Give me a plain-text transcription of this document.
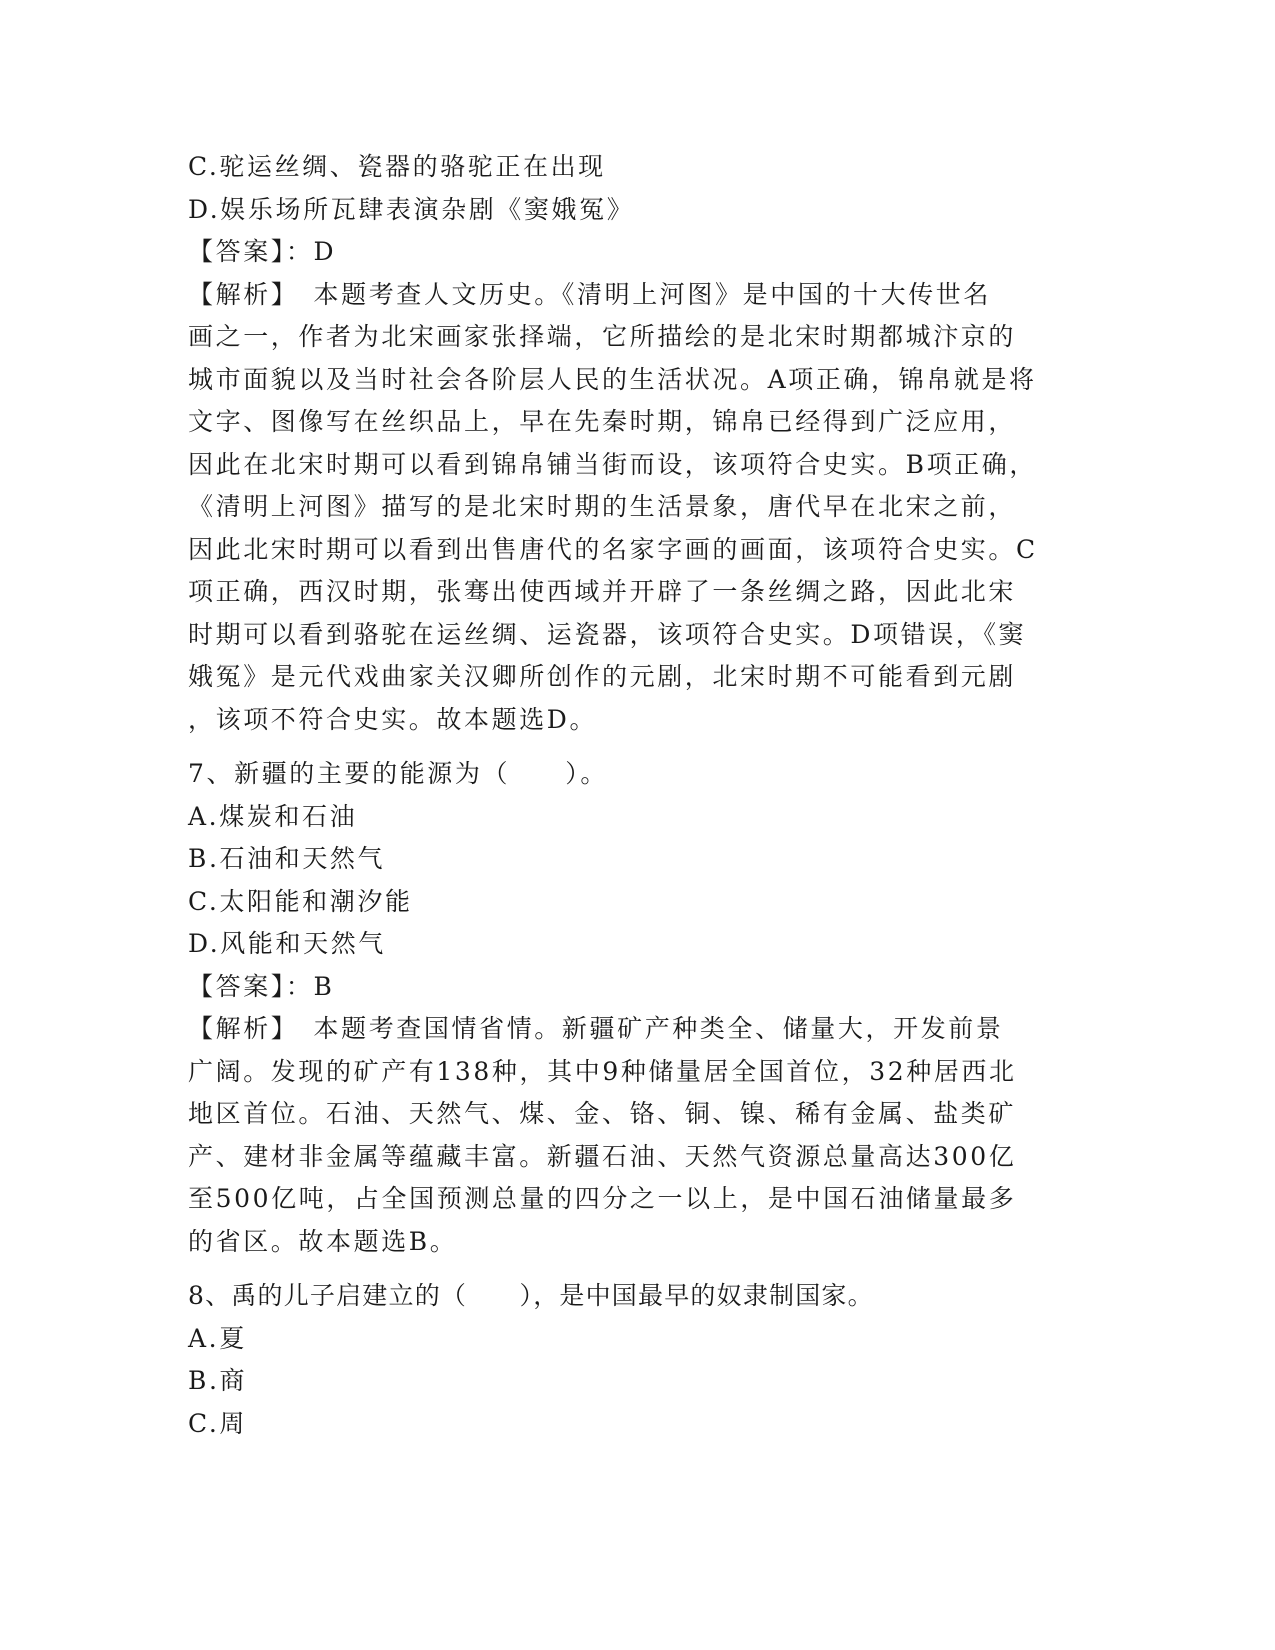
C.驼运丝绸、瓷器的骆驼正在出现
D.娱乐场所瓦肆表演杂剧《窦娥冤》
【答案】：D
【解析】　本题考查人文历史。《清明上河图》是中国的十大传世名
画之一，作者为北宋画家张择端，它所描绘的是北宋时期都城汴京的
城市面貌以及当时社会各阶层人民的生活状况。A项正确，锦帛就是将
文字、图像写在丝织品上，早在先秦时期，锦帛已经得到广泛应用，
因此在北宋时期可以看到锦帛铺当街而设，该项符合史实。B项正确，
《清明上河图》描写的是北宋时期的生活景象，唐代早在北宋之前，
因此北宋时期可以看到出售唐代的名家字画的画面，该项符合史实。C
项正确，西汉时期，张骞出使西域并开辟了一条丝绸之路，因此北宋
时期可以看到骆驼在运丝绸、运瓷器，该项符合史实。D项错误，《窦
娥冤》是元代戏曲家关汉卿所创作的元剧，北宋时期不可能看到元剧
，该项不符合史实。故本题选D。
7、新疆的主要的能源为（　　）。
A.煤炭和石油
B.石油和天然气
C.太阳能和潮汐能
D.风能和天然气
【答案】：B
【解析】　本题考查国情省情。新疆矿产种类全、储量大，开发前景
广阔。发现的矿产有138种，其中9种储量居全国首位，32种居西北
地区首位。石油、天然气、煤、金、铬、铜、镍、稀有金属、盐类矿
产、建材非金属等蕴藏丰富。新疆石油、天然气资源总量高达300亿
至500亿吨，占全国预测总量的四分之一以上，是中国石油储量最多
的省区。故本题选B。
8、禹的儿子启建立的（　　），是中国最早的奴隶制国家。
A.夏
B.商
C.周
